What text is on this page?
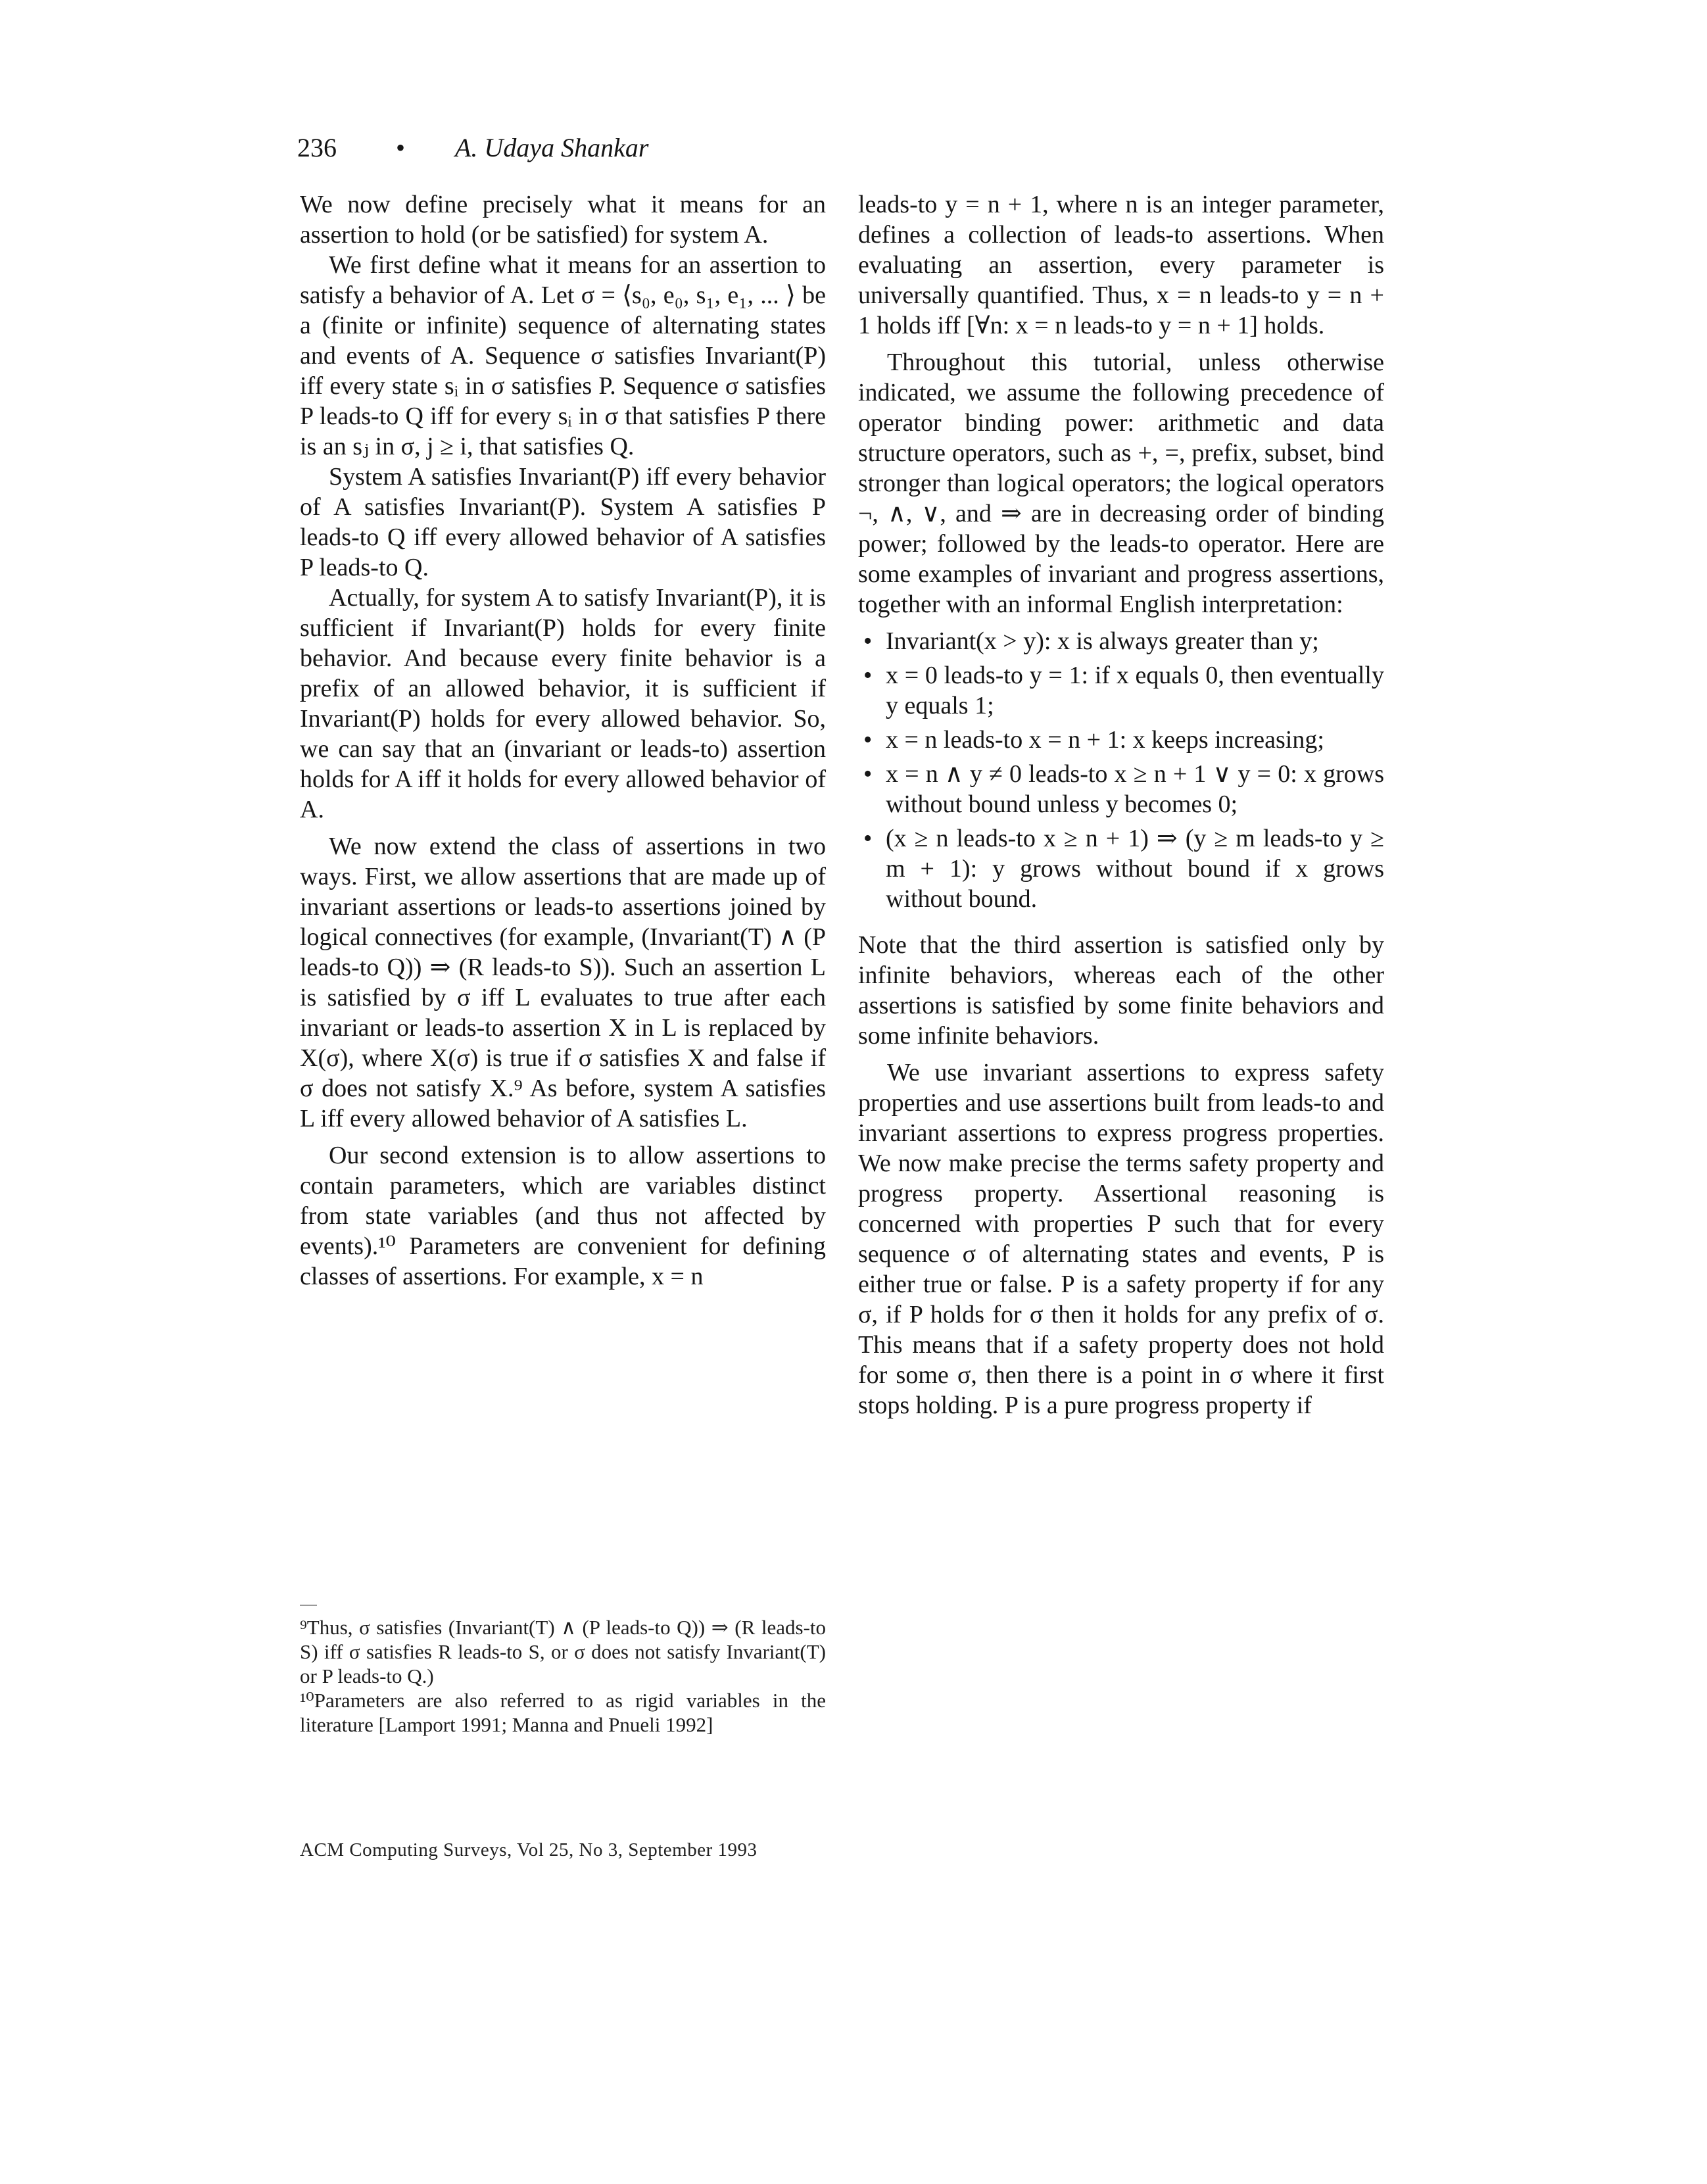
236 • A. Udaya Shankar

We now define precisely what it means for an assertion to hold (or be satisfied) for system A.

We first define what it means for an assertion to satisfy a behavior of A. Let σ = ⟨s₀, e₀, s₁, e₁, ... ⟩ be a (finite or infinite) sequence of alternating states and events of A. Sequence σ satisfies Invariant(P) iff every state sᵢ in σ satisfies P. Sequence σ satisfies P leads-to Q iff for every sᵢ in σ that satisfies P there is an sⱼ in σ, j ≥ i, that satisfies Q.

System A satisfies Invariant(P) iff every behavior of A satisfies Invariant(P). System A satisfies P leads-to Q iff every allowed behavior of A satisfies P leads-to Q.

Actually, for system A to satisfy Invariant(P), it is sufficient if Invariant(P) holds for every finite behavior. And because every finite behavior is a prefix of an allowed behavior, it is sufficient if Invariant(P) holds for every allowed behavior. So, we can say that an (invariant or leads-to) assertion holds for A iff it holds for every allowed behavior of A.

We now extend the class of assertions in two ways. First, we allow assertions that are made up of invariant assertions or leads-to assertions joined by logical connectives (for example, (Invariant(T) ∧ (P leads-to Q)) ⇒ (R leads-to S)). Such an assertion L is satisfied by σ iff L evaluates to true after each invariant or leads-to assertion X in L is replaced by X(σ), where X(σ) is true if σ satisfies X and false if σ does not satisfy X.⁹ As before, system A satisfies L iff every allowed behavior of A satisfies L.

Our second extension is to allow assertions to contain parameters, which are variables distinct from state variables (and thus not affected by events).¹⁰ Parameters are convenient for defining classes of assertions. For example, x = n

⁹Thus, σ satisfies (Invariant(T) ∧ (P leads-to Q)) ⇒ (R leads-to S) iff σ satisfies R leads-to S, or σ does not satisfy Invariant(T) or P leads-to Q.)

¹⁰Parameters are also referred to as rigid variables in the literature [Lamport 1991; Manna and Pnueli 1992]

leads-to y = n + 1, where n is an integer parameter, defines a collection of leads-to assertions. When evaluating an assertion, every parameter is universally quantified. Thus, x = n leads-to y = n + 1 holds iff [∀n: x = n leads-to y = n + 1] holds.

Throughout this tutorial, unless otherwise indicated, we assume the following precedence of operator binding power: arithmetic and data structure operators, such as +, =, prefix, subset, bind stronger than logical operators; the logical operators ¬, ∧, ∨, and ⇒ are in decreasing order of binding power; followed by the leads-to operator. Here are some examples of invariant and progress assertions, together with an informal English interpretation:

• Invariant(x > y): x is always greater than y;
• x = 0 leads-to y = 1: if x equals 0, then eventually y equals 1;
• x = n leads-to x = n + 1: x keeps increasing;
• x = n ∧ y ≠ 0 leads-to x ≥ n + 1 ∨ y = 0: x grows without bound unless y becomes 0;
• (x ≥ n leads-to x ≥ n + 1) ⇒ (y ≥ m leads-to y ≥ m + 1): y grows without bound if x grows without bound.

Note that the third assertion is satisfied only by infinite behaviors, whereas each of the other assertions is satisfied by some finite behaviors and some infinite behaviors.

We use invariant assertions to express safety properties and use assertions built from leads-to and invariant assertions to express progress properties. We now make precise the terms safety property and progress property. Assertional reasoning is concerned with properties P such that for every sequence σ of alternating states and events, P is either true or false. P is a safety property if for any σ, if P holds for σ then it holds for any prefix of σ. This means that if a safety property does not hold for some σ, then there is a point in σ where it first stops holding. P is a pure progress property if

ACM Computing Surveys, Vol 25, No 3, September 1993
